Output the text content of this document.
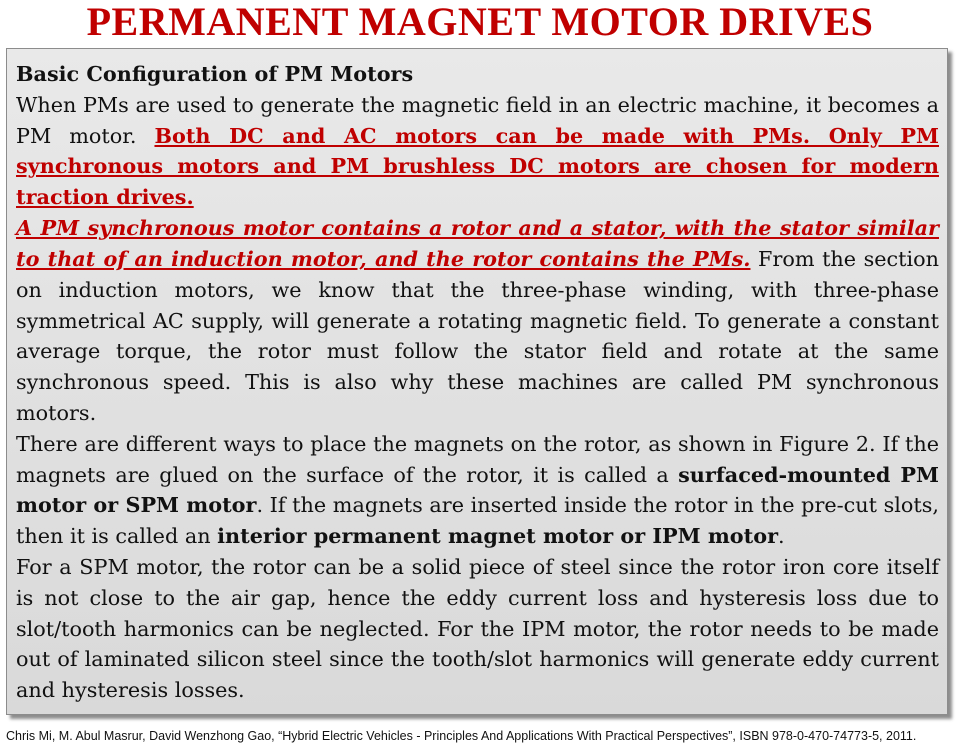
PERMANENT MAGNET MOTOR DRIVES

Basic Configuration of PM Motors

When PMs are used to generate the magnetic field in an electric machine, it becomes a PM motor. Both DC and AC motors can be made with PMs. Only PM synchronous motors and PM brushless DC motors are chosen for modern traction drives.

A PM synchronous motor contains a rotor and a stator, with the stator similar to that of an induction motor, and the rotor contains the PMs. From the section on induction motors, we know that the three-phase winding, with three-phase symmetrical AC supply, will generate a rotating magnetic field. To generate a constant average torque, the rotor must follow the stator field and rotate at the same synchronous speed. This is also why these machines are called PM synchronous motors.

There are different ways to place the magnets on the rotor, as shown in Figure 2. If the magnets are glued on the surface of the rotor, it is called a surfaced-mounted PM motor or SPM motor. If the magnets are inserted inside the rotor in the pre-cut slots, then it is called an interior permanent magnet motor or IPM motor.

For a SPM motor, the rotor can be a solid piece of steel since the rotor iron core itself is not close to the air gap, hence the eddy current loss and hysteresis loss due to slot/tooth harmonics can be neglected. For the IPM motor, the rotor needs to be made out of laminated silicon steel since the tooth/slot harmonics will generate eddy current and hysteresis losses.

Chris Mi, M. Abul Masrur, David Wenzhong Gao, “Hybrid Electric Vehicles - Principles And Applications With Practical Perspectives”, ISBN 978-0-470-74773-5, 2011.
